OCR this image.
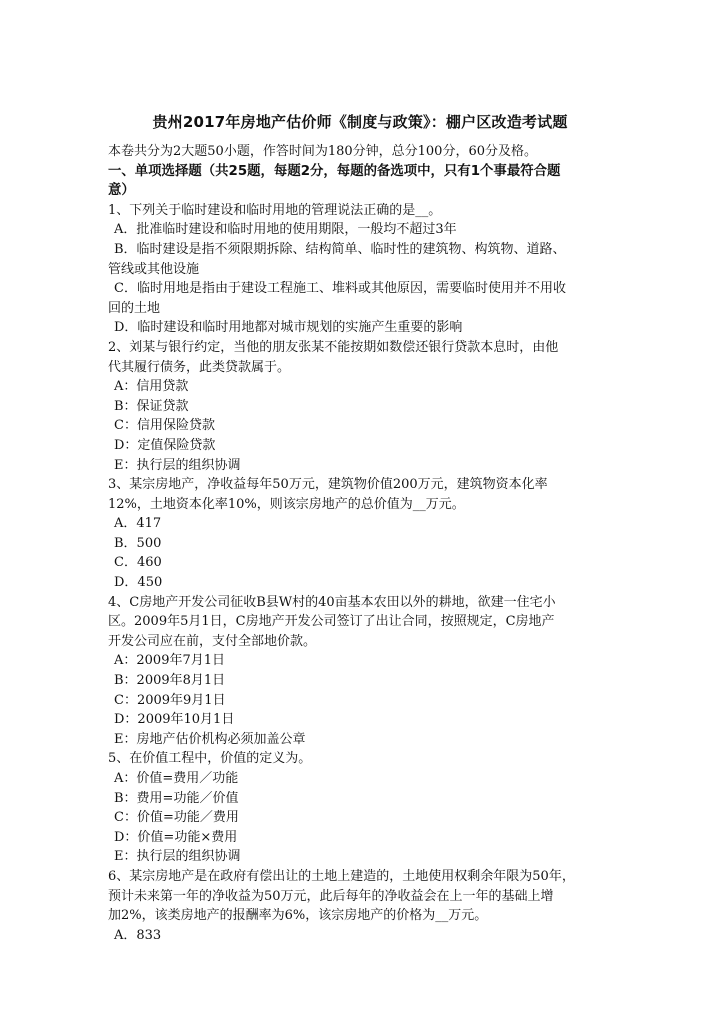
贵州2017年房地产估价师《制度与政策》：棚户区改造考试题
本卷共分为2大题50小题，作答时间为180分钟，总分100分，60分及格。
一、单项选择题（共25题，每题2分，每题的备选项中，只有1个事最符合题
意）
1、下列关于临时建设和临时用地的管理说法正确的是__。
A．批准临时建设和临时用地的使用期限，一般均不超过3年
B．临时建设是指不须限期拆除、结构简单、临时性的建筑物、构筑物、道路、
管线或其他设施
C．临时用地是指由于建设工程施工、堆料或其他原因，需要临时使用并不用收
回的土地
D．临时建设和临时用地都对城市规划的实施产生重要的影响
2、刘某与银行约定，当他的朋友张某不能按期如数偿还银行贷款本息时，由他
代其履行债务，此类贷款属于。
A：信用贷款
B：保证贷款
C：信用保险贷款
D：定值保险贷款
E：执行层的组织协调
3、某宗房地产，净收益每年50万元，建筑物价值200万元，建筑物资本化率
12%，土地资本化率10%，则该宗房地产的总价值为__万元。
A．417
B．500
C．460
D．450
4、C房地产开发公司征收B县W村的40亩基本农田以外的耕地，欲建一住宅小
区。2009年5月1日，C房地产开发公司签订了出让合同，按照规定，C房地产
开发公司应在前，支付全部地价款。
A：2009年7月1日
B：2009年8月1日
C：2009年9月1日
D：2009年10月1日
E：房地产估价机构必须加盖公章
5、在价值工程中，价值的定义为。
A：价值=费用／功能
B：费用=功能／价值
C：价值=功能／费用
D：价值=功能×费用
E：执行层的组织协调
6、某宗房地产是在政府有偿出让的土地上建造的，土地使用权剩余年限为50年，
预计未来第一年的净收益为50万元，此后每年的净收益会在上一年的基础上增
加2%，该类房地产的报酬率为6%，该宗房地产的价格为__万元。
A．833
